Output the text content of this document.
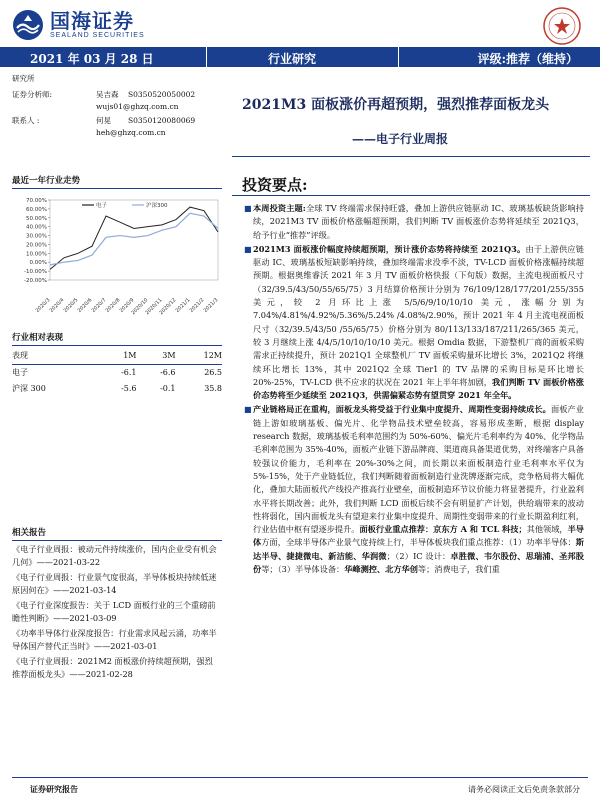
国海证券
SEALAND SECURITIES
2021 年 03 月 28 日	行业研究	评级:推荐（维持）
研究所
证券分析师:	吴吉森 S0350520050002
wujs01@ghzq.com.cn
联系人 :	何晃 S0350120080069
heh@ghzq.com.cn
最近一年行业走势
70.00%
60.00%
50.00%
40.00%
30.00%
20.00%
10.00%
0.00%
-10.00%
-20.00%
2020/3
2020/4
2020/5
2020/6
2020/7
2020/8
2020/9
2020/10
2020/11
2020/12
2021/1
2021/2
2021/3
电子	沪深300
行业相对表现
表现	1M	3M	12M
电子	-6.1	-6.6	26.5
沪深 300	-5.6	-0.1	35.8
相关报告
《电子行业周报：被动元件持续涨价，国内企业受有机会几何》——2021-03-22
《电子行业周报：行业景气度很高，半导体板块持续低迷原因何在》——2021-03-14
《电子行业深度报告：关于 LCD 面板行业的三个重磅前瞻性判断》——2021-03-09
《功率半导体行业深度报告：行业需求风起云涌，功率半导体国产替代正当时》——2021-03-01
《电子行业周报：2021M2 面板涨价持续超预期，强烈推荐面板龙头》——2021-02-28
2021M3 面板涨价再超预期，强烈推荐面板龙头
——电子行业周报
投资要点:
■ 本周投资主题:全球 TV 终端需求保持旺盛，叠加上游供应链驱动 IC、玻璃基板缺货影响持续，2021M3 TV 面板价格涨幅超预期，我们判断 TV 面板涨价态势将延续至 2021Q3，给予行业“推荐”评级。
■ 2021M3 面板涨价幅度持续超预期，预计涨价态势将持续至 2021Q3。由于上游供应链驱动 IC、玻璃基板短缺影响持续，叠加终端需求没季不淡，TV-LCD 面板价格涨幅持续超预期。根据奥维睿沃 2021 年 3 月 TV 面板价格快报（下旬版）数据，主流电视面板尺寸（32/39.5/43/50/55/65/75）3 月结算价格预计分别为 76/109/128/177/201/255/355 美元，较 2 月环比上涨 5/5/6/9/10/10/10 美元，涨幅分别为 7.04%/4.81%/4.92%/5.36%/5.24% /4.08%/2.90%，预计 2021 年 4 月主流电视面板尺寸（32/39.5/43/50 /55/65/75）价格分别为 80/113/133/187/211/265/365 美元，较 3 月继续上涨 4/4/5/10/10/10/10 美元。根据 Omdia 数据，下游整机厂商的面板采购需求正持续提升，预计 2021Q1 全球整机厂 TV 面板采购量环比增长 3%，2021Q2 将继续环比增长 13%，其中 2021Q2 全球 Tier1 的 TV 品牌的采购目标是环比增长 20%-25%，TV-LCD 供不应求的状况在 2021 年上半年将加剧，我们判断 TV 面板价格涨价态势将至少延续至 2021Q3，供需偏紧态势有望贯穿 2021 年全年。
■ 产业链格局正在重构，面板龙头将受益于行业集中度提升、周期性变弱持续成长。面板产业链上游如玻璃基板、偏光片、化学物品技术壁垒较高，容易形成垄断，根据 display research 数据，玻璃基板毛利率范围约为 50%-60%、偏光片毛利率约为 40%、化学物品毛利率范围为 35%-40%，面板产业链下游品牌商、渠道商具备渠道优势，对终端客户具备较强议价能力，毛利率在 20%-30%之间，而长期以来面板制造行业毛利率水平仅为 5%-15%，处于产业链低位，我们判断随着面板制造行业洗牌逐渐完成，竞争格局将大幅优化，叠加大陆面板代产线投产推高行业壁垒，面板制造环节议价能力将显著提升，行业盈利水平将长期改善；此外，我们判断 LCD 面板后续不会有明显扩产计划，供给端带来的波动性将弱化，国内面板龙头有望迎来行业集中度提升、周期性变弱带来的行业长期盈利红利，行业估值中枢有望逐步提升。面板行业重点推荐：京东方 A 和 TCL 科技；其他领域，半导体方面，全球半导体产业景气度持续上行，半导体板块我们重点推荐：（1）功率半导体：斯达半导、捷捷微电、新洁能、华润微；（2）IC 设计：卓胜微、韦尔股份、思瑞浦、圣邦股份等；（3）半导体设备：华峰测控、北方华创等；消费电子，我们重
证券研究报告	请务必阅读正文后免责条款部分
